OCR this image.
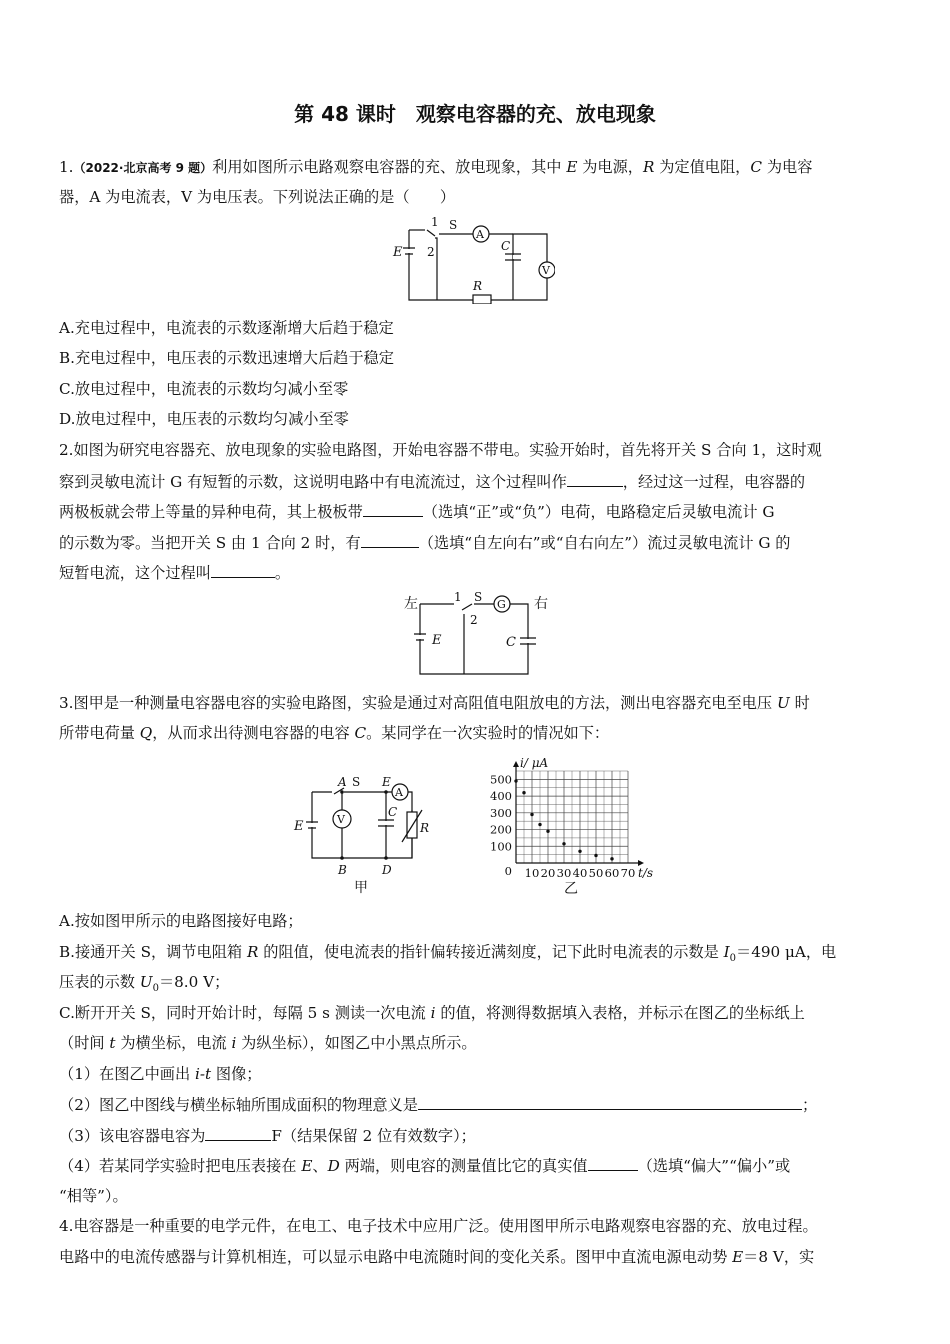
第 48 课时　观察电容器的充、放电现象
1.（2022·北京高考 9 题）利用如图所示电路观察电容器的充、放电现象，其中 E 为电源，R 为定值电阻，C 为电容
器，A 为电流表，V 为电压表。下列说法正确的是（　　）
1
2
S
A
V
E	C
R
A.充电过程中，电流表的示数逐渐增大后趋于稳定
B.充电过程中，电压表的示数迅速增大后趋于稳定
C.放电过程中，电流表的示数均匀减小至零
D.放电过程中，电压表的示数均匀减小至零
2.如图为研究电容器充、放电现象的实验电路图，开始电容器不带电。实验开始时，首先将开关 S 合向 1，这时观
察到灵敏电流计 G 有短暂的示数，这说明电路中有电流流过，这个过程叫作	，经过这一过程，电容器的
两极板就会带上等量的异种电荷，其上极板带	（选填“正”或“负”）电荷，电路稳定后灵敏电流计 G
的示数为零。当把开关 S 由 1 合向 2 时，有	（选填“自左向右”或“自右向左”）流过灵敏电流计 G 的
短暂电流，这个过程叫	。
左	右
1
2
S
G
E	C
3.图甲是一种测量电容器电容的实验电路图，实验是通过对高阻值电阻放电的方法，测出电容器充电至电压 U 时
所带电荷量 Q，从而求出待测电容器的电容 C。某同学在一次实验时的情况如下：
A S E
A
E	V
C
R
B	D
甲
100
200
300
400
500
0 10 20 30 40 50 60 70
i/ μA
t/s
乙
A.按如图甲所示的电路图接好电路；
B.接通开关 S，调节电阻箱 R 的阻值，使电流表的指针偏转接近满刻度，记下此时电流表的示数是 $I_0=490$ μA，电
压表的示数 $U_0=8.0$ V；
C.断开开关 S，同时开始计时，每隔 5 s 测读一次电流 i 的值，将测得数据填入表格，并标示在图乙的坐标纸上
（时间 t 为横坐标，电流 i 为纵坐标），如图乙中小黑点所示。
（1）在图乙中画出 i-t 图像；
（2）图乙中图线与横坐标轴所围成面积的物理意义是	；
（3）该电容器电容为	F（结果保留 2 位有效数字）；
（4）若某同学实验时把电压表接在 E、D 两端，则电容的测量值比它的真实值	（选填“偏大”“偏小”或
“相等”）。
4.电容器是一种重要的电学元件，在电工、电子技术中应用广泛。使用图甲所示电路观察电容器的充、放电过程。
电路中的电流传感器与计算机相连，可以显示电路中电流随时间的变化关系。图甲中直流电源电动势 E＝8 V，实
